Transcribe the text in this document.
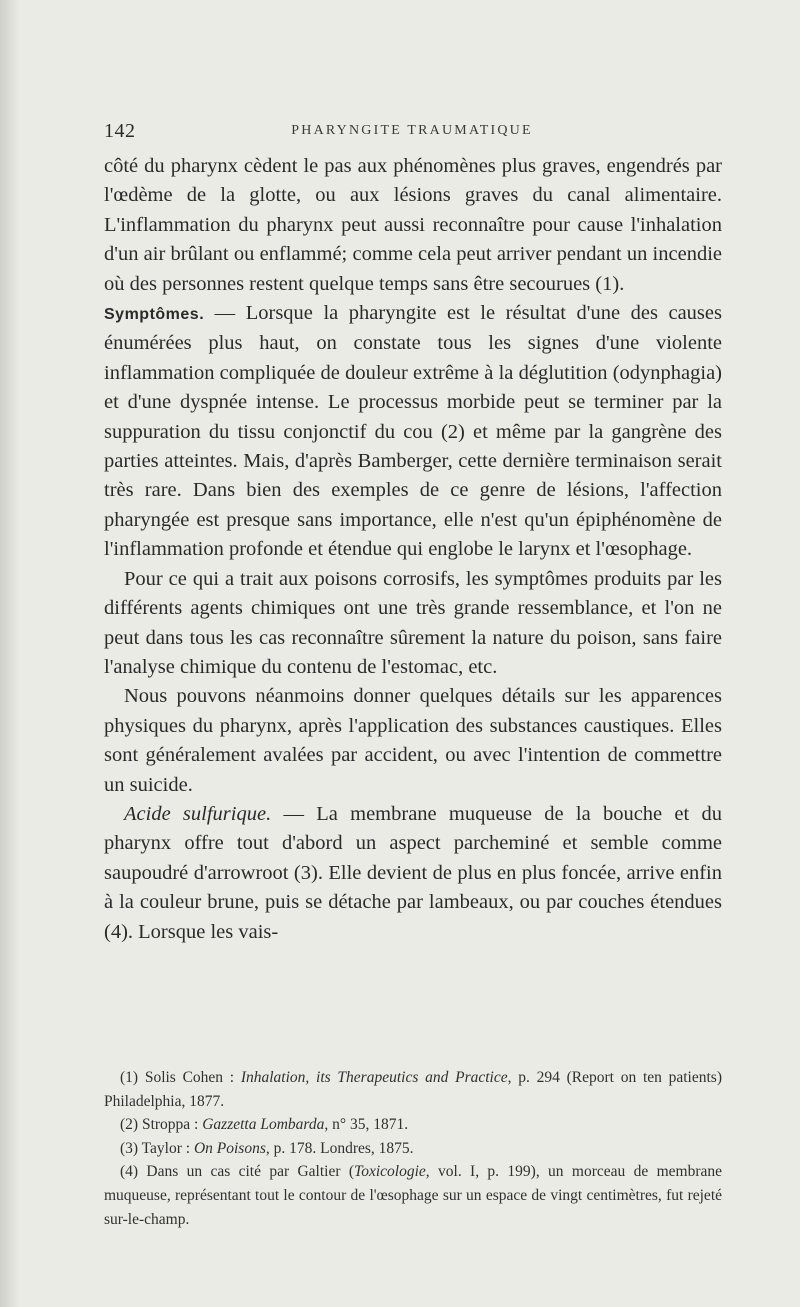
142	PHARYNGITE TRAUMATIQUE

côté du pharynx cèdent le pas aux phénomènes plus graves, engendrés par l'œdème de la glotte, ou aux lésions graves du canal alimentaire. L'inflammation du pharynx peut aussi reconnaître pour cause l'inhalation d'un air brûlant ou enflammé; comme cela peut arriver pendant un incendie où des personnes restent quelque temps sans être secourues (1).

Symptômes. — Lorsque la pharyngite est le résultat d'une des causes énumérées plus haut, on constate tous les signes d'une violente inflammation compliquée de douleur extrême à la déglutition (odynphagia) et d'une dyspnée intense. Le processus morbide peut se terminer par la suppuration du tissu conjonctif du cou (2) et même par la gangrène des parties atteintes. Mais, d'après Bamberger, cette dernière terminaison serait très rare. Dans bien des exemples de ce genre de lésions, l'affection pharyngée est presque sans importance, elle n'est qu'un épiphénomène de l'inflammation profonde et étendue qui englobe le larynx et l'œsophage.

Pour ce qui a trait aux poisons corrosifs, les symptômes produits par les différents agents chimiques ont une très grande ressemblance, et l'on ne peut dans tous les cas reconnaître sûrement la nature du poison, sans faire l'analyse chimique du contenu de l'estomac, etc.

Nous pouvons néanmoins donner quelques détails sur les apparences physiques du pharynx, après l'application des substances caustiques. Elles sont généralement avalées par accident, ou avec l'intention de commettre un suicide.

Acide sulfurique. — La membrane muqueuse de la bouche et du pharynx offre tout d'abord un aspect parcheminé et semble comme saupoudré d'arrowroot (3). Elle devient de plus en plus foncée, arrive enfin à la couleur brune, puis se détache par lambeaux, ou par couches étendues (4). Lorsque les vais-

(1) Solis Cohen : Inhalation, its Therapeutics and Practice, p. 294 (Report on ten patients) Philadelphia, 1877.

(2) Stroppa : Gazzetta Lombarda, n° 35, 1871.

(3) Taylor : On Poisons, p. 178. Londres, 1875.

(4) Dans un cas cité par Galtier (Toxicologie, vol. I, p. 199), un morceau de membrane muqueuse, représentant tout le contour de l'œsophage sur un espace de vingt centimètres, fut rejeté sur-le-champ.
